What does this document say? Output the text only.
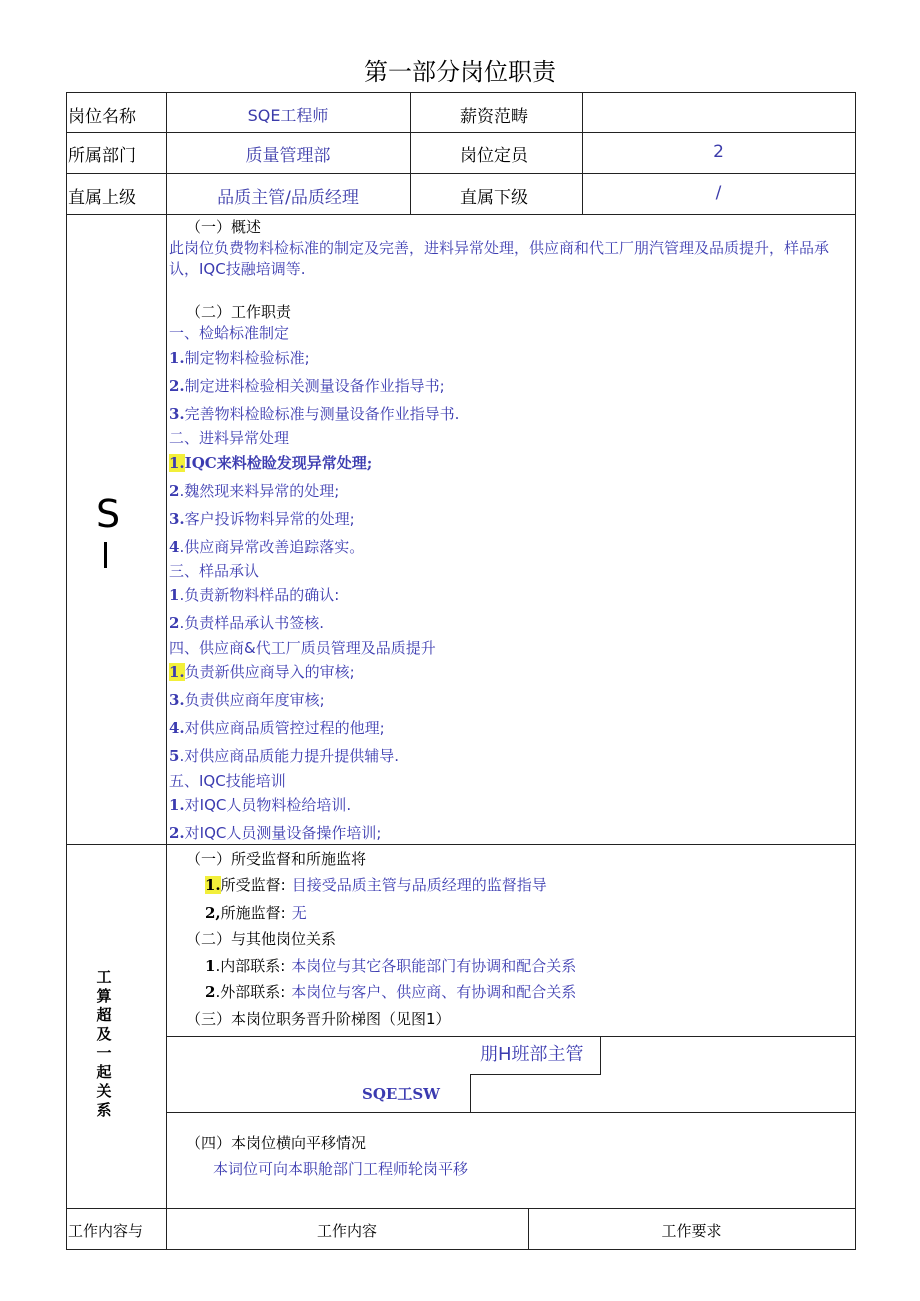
第一部分岗位职责
岗位名称	SQE工程师	薪资范畴
所属部门	质量管理部	岗位定员	2
直属上级	品质主管/品质经理	直属下级	/
S
（一）概述
此岗位负费物料检标准的制定及完善，进料异常处理，供应商和代工厂朋汽管理及品质提升，样品承
认，IQC技融培调等.
（二）工作职责
一、检蛤标准制定
1.制定物料检验标准;
2.制定进料检验相关测量设备作业指导书;
3.完善物料检睑标准与测量设备作业指导书.
二、进料异常处理
1.IQC来料检睑发现异常处理;
2.魏然现来料异常的处理;
3.客户投诉物料异常的处理;
4.供应商异常改善追踪落实。
三、样品承认
1.负责新物料样品的确认:
2.负责样品承认书签核.
四、供应商&代工厂质员管理及品质提升
1.负责新供应商导入的审核;
3.负责供应商年度审核;
4.对供应商品质管控过程的他理;
5.对供应商品质能力提升提供辅导.
五、IQC技能培训
1.对IQC人员物料检给培训.
2.对IQC人员测量设备操作培训;
工算超及一起关系
（一）所受监督和所施监将
1.所受监督: 目接受品质主管与品质经理的监督指导
2,所施监督: 无
（二）与其他岗位关系
1.内部联系: 本岗位与其它各职能部门有协调和配合关系
2.外部联系: 本岗位与客户、供应商、有协调和配合关系
（三）本岗位职务晋升阶梯图（见图1）
朋H班部主管
SQE工SW
（四）本岗位横向平移情况
本词位可向本职舱部门工程师轮岗平移
工作内容与	工作内容	工作要求
